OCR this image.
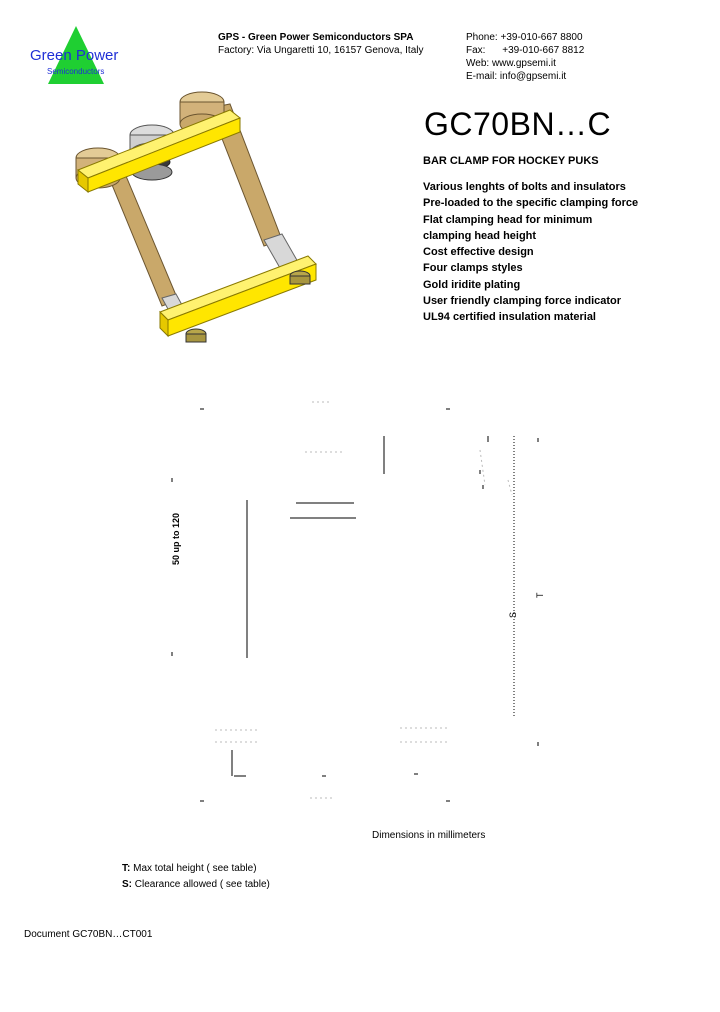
Green Power
Semiconductors
GPS - Green Power Semiconductors SPA
Factory: Via Ungaretti 10, 16157 Genova, Italy
Phone: +39-010-667 8800
Fax: +39-010-667 8812
Web: www.gpsemi.it
E-mail: info@gpsemi.it
GC70BN…C
BAR CLAMP FOR HOCKEY PUKS
Various lenghts of bolts and insulators
Pre-loaded to the specific clamping force
Flat clamping head for minimum
clamping head height
Cost effective design
Four clamps styles
Gold iridite plating
User friendly clamping force indicator
UL94 certified insulation material
50 up to 120
S
T
Dimensions in millimeters
T: Max total height ( see table)
S: Clearance allowed ( see table)
Document GC70BN…CT001
